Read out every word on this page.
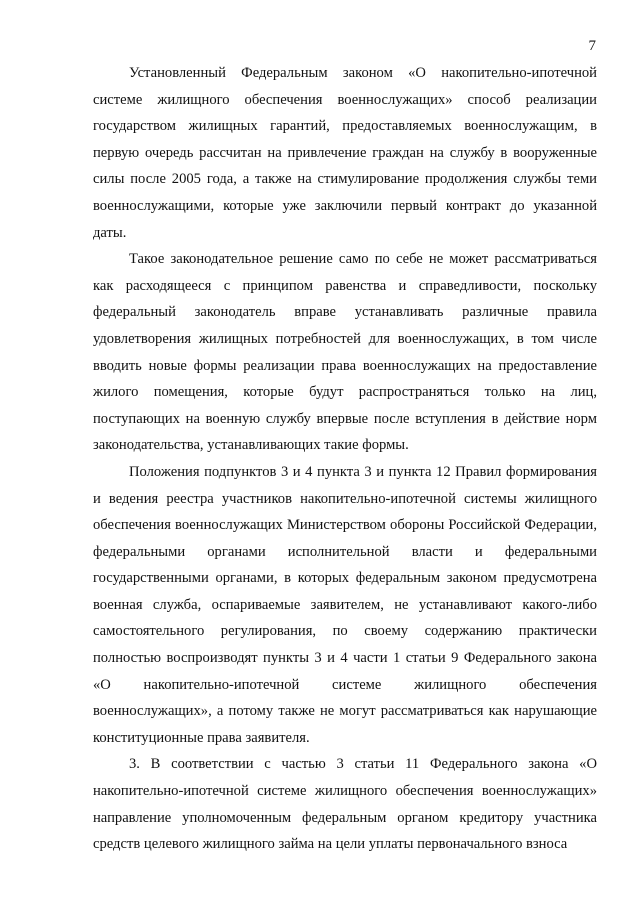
7

Установленный Федеральным законом «О накопительно-ипотечной системе жилищного обеспечения военнослужащих» способ реализации государством жилищных гарантий, предоставляемых военнослужащим, в первую очередь рассчитан на привлечение граждан на службу в вооруженные силы после 2005 года, а также на стимулирование продолжения службы теми военнослужащими, которые уже заключили первый контракт до указанной даты.

Такое законодательное решение само по себе не может рассматриваться как расходящееся с принципом равенства и справедливости, поскольку федеральный законодатель вправе устанавливать различные правила удовлетворения жилищных потребностей для военнослужащих, в том числе вводить новые формы реализации права военнослужащих на предоставление жилого помещения, которые будут распространяться только на лиц, поступающих на военную службу впервые после вступления в действие норм законодательства, устанавливающих такие формы.

Положения подпунктов 3 и 4 пункта 3 и пункта 12 Правил формирования и ведения реестра участников накопительно-ипотечной системы жилищного обеспечения военнослужащих Министерством обороны Российской Федерации, федеральными органами исполнительной власти и федеральными государственными органами, в которых федеральным законом предусмотрена военная служба, оспариваемые заявителем, не устанавливают какого-либо самостоятельного регулирования, по своему содержанию практически полностью воспроизводят пункты 3 и 4 части 1 статьи 9 Федерального закона «О накопительно-ипотечной системе жилищного обеспечения военнослужащих», а потому также не могут рассматриваться как нарушающие конституционные права заявителя.

3. В соответствии с частью 3 статьи 11 Федерального закона «О накопительно-ипотечной системе жилищного обеспечения военнослужащих» направление уполномоченным федеральным органом кредитору участника средств целевого жилищного займа на цели уплаты первоначального взноса
